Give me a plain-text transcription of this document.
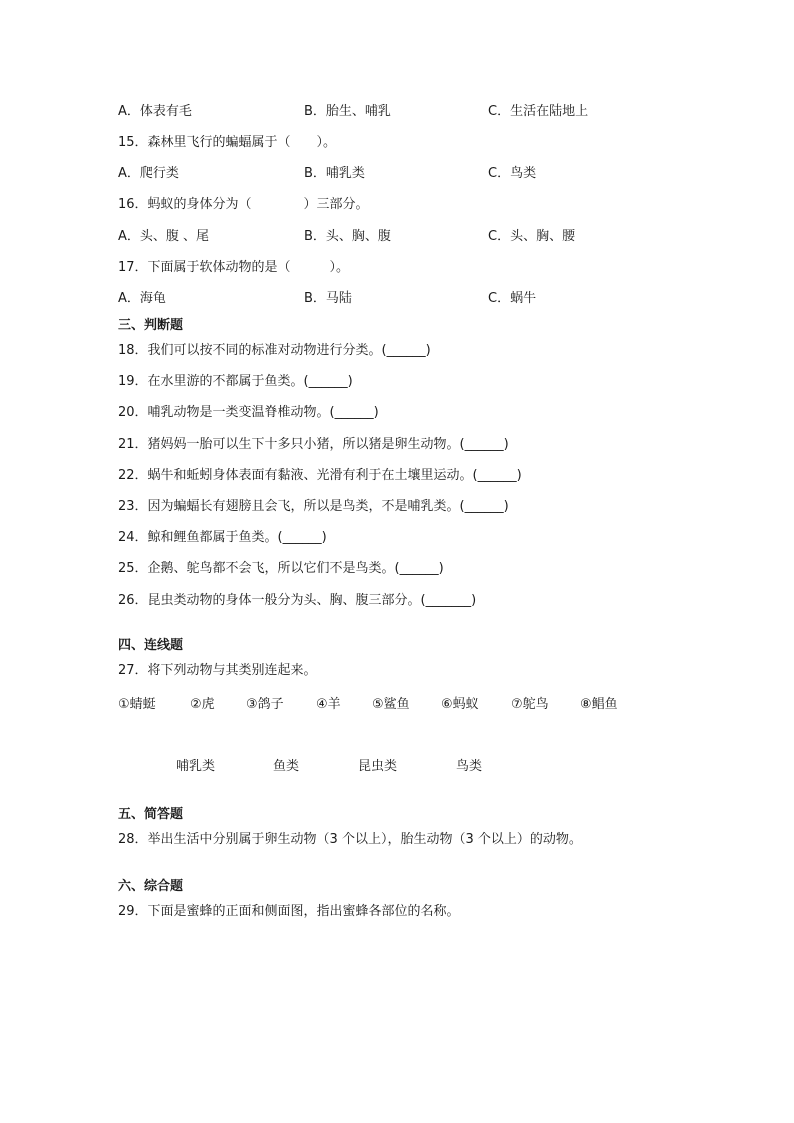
A．体表有毛	B．胎生、哺乳	C．生活在陆地上
15．森林里飞行的蝙蝠属于（　　）。
A．爬行类	B．哺乳类	C．鸟类
16．蚂蚁的身体分为（　　　　）三部分。
A．头、腹 、尾	B．头、胸、腹	C．头、胸、腰
17．下面属于软体动物的是（　　　）。
A．海龟	B．马陆	C．蜗牛
三、判断题
18．我们可以按不同的标准对动物进行分类。(______)
19．在水里游的不都属于鱼类。(______)
20．哺乳动物是一类变温脊椎动物。(______)
21．猪妈妈一胎可以生下十多只小猪，所以猪是卵生动物。(______)
22．蜗牛和蚯蚓身体表面有黏液、光滑有利于在土壤里运动。(______)
23．因为蝙蝠长有翅膀且会飞，所以是鸟类，不是哺乳类。(______)
24．鲸和鲤鱼都属于鱼类。(______)
25．企鹅、鸵鸟都不会飞，所以它们不是鸟类。(______)
26．昆虫类动物的身体一般分为头、胸、腹三部分。(_______)
四、连线题
27．将下列动物与其类别连起来。
①蜻蜓	②虎 ③鸽子 ④羊 ⑤鲨鱼 ⑥蚂蚁 ⑦鸵鸟 ⑧鲳鱼
哺乳类	鱼类	昆虫类	鸟类
五、简答题
28．举出生活中分别属于卵生动物（3 个以上），胎生动物（3 个以上）的动物。
六、综合题
29．下面是蜜蜂的正面和侧面图，指出蜜蜂各部位的名称。
